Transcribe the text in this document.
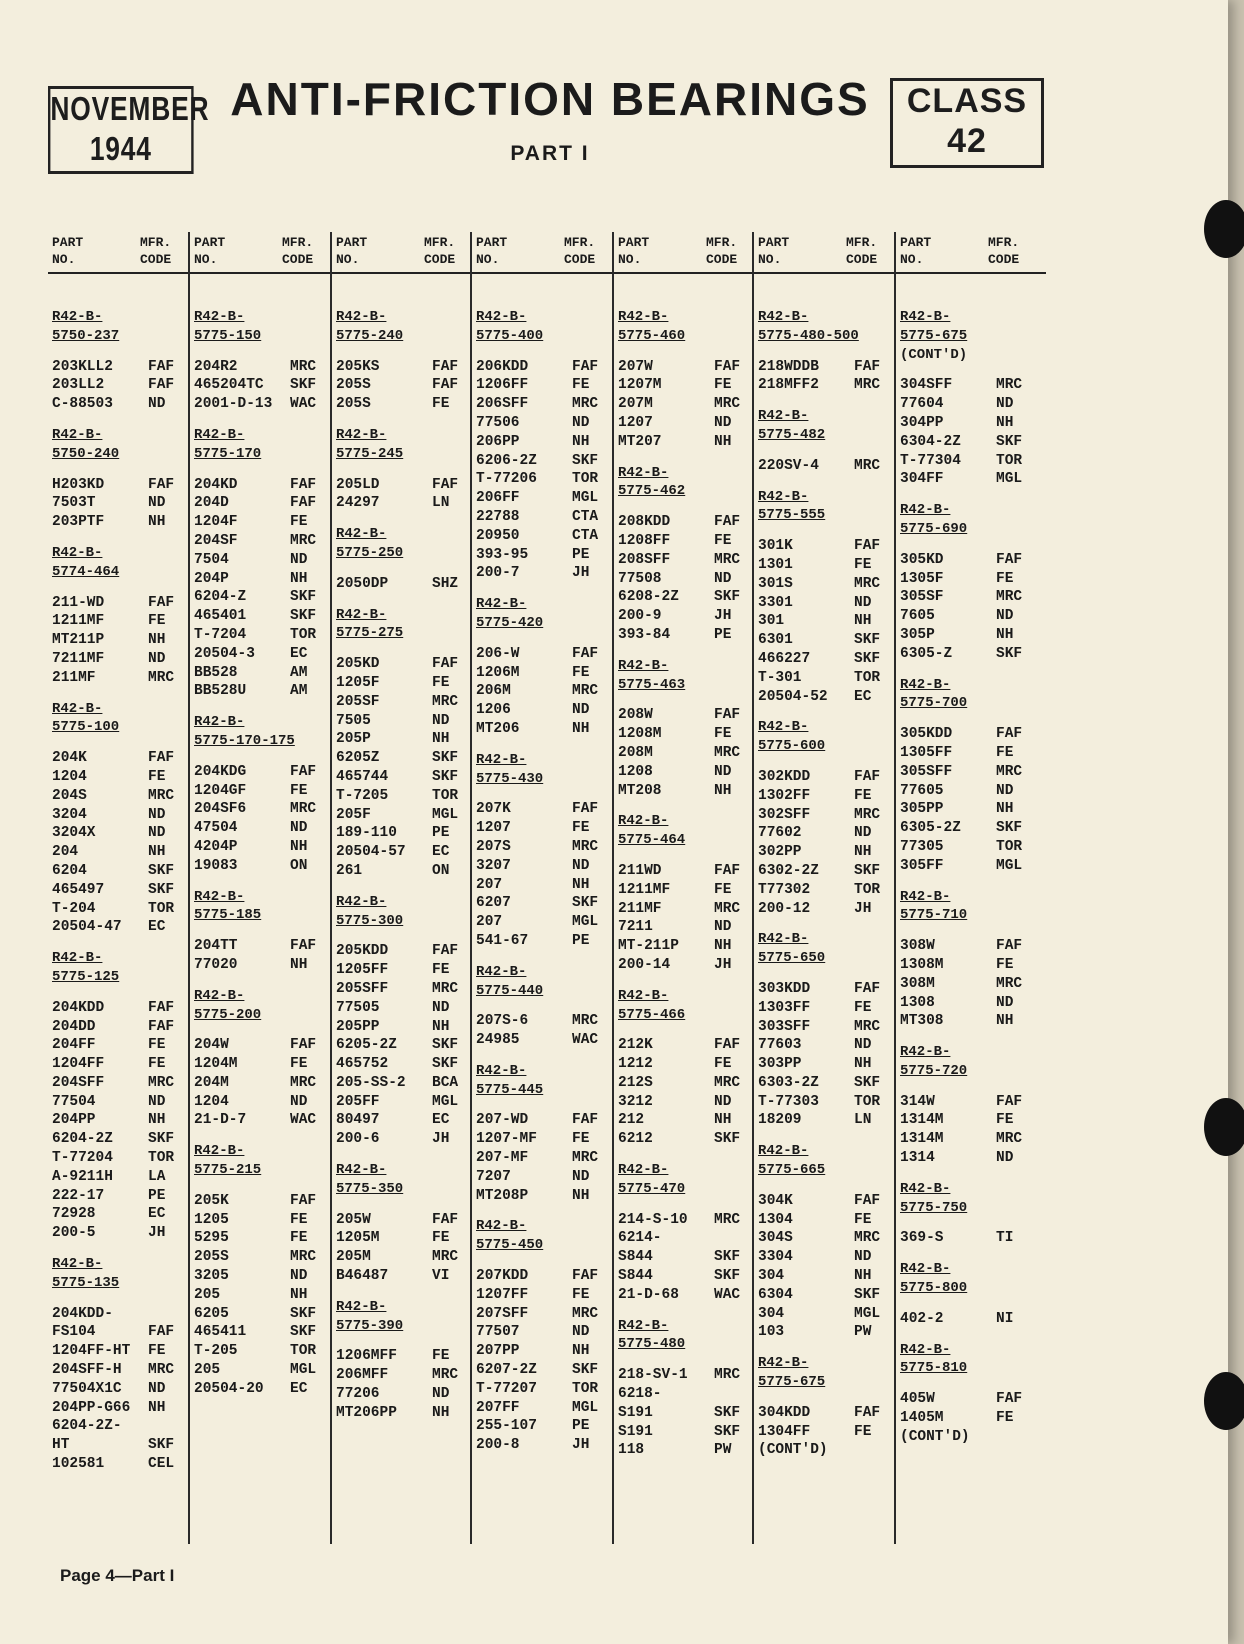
NOVEMBER
1944
ANTI-FRICTION BEARINGS
PART I
CLASS
42
PART
NO.
MFR.
CODE
R42-B-
5750-237
203KLL2	FAF
203LL2	FAF
C-88503	ND
R42-B-
5750-240
H203KD	FAF
7503T	ND
203PTF	NH
R42-B-
5774-464
211-WD	FAF
1211MF	FE
MT211P	NH
7211MF	ND
211MF	MRC
R42-B-
5775-100
204K	FAF
1204	FE
204S	MRC
3204	ND
3204X	ND
204	NH
6204	SKF
465497	SKF
T-204	TOR
20504-47	EC
R42-B-
5775-125
204KDD	FAF
204DD	FAF
204FF	FE
1204FF	FE
204SFF	MRC
77504	ND
204PP	NH
6204-2Z	SKF
T-77204	TOR
A-9211H	LA
222-17	PE
72928	EC
200-5	JH
R42-B-
5775-135
204KDD-
FS104	FAF
1204FF-HT	FE
204SFF-H	MRC
77504X1C	ND
204PP-G66	NH
6204-2Z-
HT	SKF
102581	CEL
PART
NO.
MFR.
CODE
R42-B-
5775-150
204R2	MRC
465204TC	SKF
2001-D-13	WAC
R42-B-
5775-170
204KD	FAF
204D	FAF
1204F	FE
204SF	MRC
7504	ND
204P	NH
6204-Z	SKF
465401	SKF
T-7204	TOR
20504-3	EC
BB528	AM
BB528U	AM
R42-B-
5775-170-175
204KDG	FAF
1204GF	FE
204SF6	MRC
47504	ND
4204P	NH
19083	ON
R42-B-
5775-185
204TT	FAF
77020	NH
R42-B-
5775-200
204W	FAF
1204M	FE
204M	MRC
1204	ND
21-D-7	WAC
R42-B-
5775-215
205K	FAF
1205	FE
5295	FE
205S	MRC
3205	ND
205	NH
6205	SKF
465411	SKF
T-205	TOR
205	MGL
20504-20	EC
PART
NO.
MFR.
CODE
R42-B-
5775-240
205KS	FAF
205S	FAF
205S	FE
R42-B-
5775-245
205LD	FAF
24297	LN
R42-B-
5775-250
2050DP	SHZ
R42-B-
5775-275
205KD	FAF
1205F	FE
205SF	MRC
7505	ND
205P	NH
6205Z	SKF
465744	SKF
T-7205	TOR
205F	MGL
189-110	PE
20504-57	EC
261	ON
R42-B-
5775-300
205KDD	FAF
1205FF	FE
205SFF	MRC
77505	ND
205PP	NH
6205-2Z	SKF
465752	SKF
205-SS-2	BCA
205FF	MGL
80497	EC
200-6	JH
R42-B-
5775-350
205W	FAF
1205M	FE
205M	MRC
B46487	VI
R42-B-
5775-390
1206MFF	FE
206MFF	MRC
77206	ND
MT206PP	NH
PART
NO.
MFR.
CODE
R42-B-
5775-400
206KDD	FAF
1206FF	FE
206SFF	MRC
77506	ND
206PP	NH
6206-2Z	SKF
T-77206	TOR
206FF	MGL
22788	CTA
20950	CTA
393-95	PE
200-7	JH
R42-B-
5775-420
206-W	FAF
1206M	FE
206M	MRC
1206	ND
MT206	NH
R42-B-
5775-430
207K	FAF
1207	FE
207S	MRC
3207	ND
207	NH
6207	SKF
207	MGL
541-67	PE
R42-B-
5775-440
207S-6	MRC
24985	WAC
R42-B-
5775-445
207-WD	FAF
1207-MF	FE
207-MF	MRC
7207	ND
MT208P	NH
R42-B-
5775-450
207KDD	FAF
1207FF	FE
207SFF	MRC
77507	ND
207PP	NH
6207-2Z	SKF
T-77207	TOR
207FF	MGL
255-107	PE
200-8	JH
PART
NO.
MFR.
CODE
R42-B-
5775-460
207W	FAF
1207M	FE
207M	MRC
1207	ND
MT207	NH
R42-B-
5775-462
208KDD	FAF
1208FF	FE
208SFF	MRC
77508	ND
6208-2Z	SKF
200-9	JH
393-84	PE
R42-B-
5775-463
208W	FAF
1208M	FE
208M	MRC
1208	ND
MT208	NH
R42-B-
5775-464
211WD	FAF
1211MF	FE
211MF	MRC
7211	ND
MT-211P	NH
200-14	JH
R42-B-
5775-466
212K	FAF
1212	FE
212S	MRC
3212	ND
212	NH
6212	SKF
R42-B-
5775-470
214-S-10	MRC
6214-
S844	SKF
S844	SKF
21-D-68	WAC
R42-B-
5775-480
218-SV-1	MRC
6218-
S191	SKF
S191	SKF
118	PW
PART
NO.
MFR.
CODE
R42-B-
5775-480-500
218WDDB	FAF
218MFF2	MRC
R42-B-
5775-482
220SV-4	MRC
R42-B-
5775-555
301K	FAF
1301	FE
301S	MRC
3301	ND
301	NH
6301	SKF
466227	SKF
T-301	TOR
20504-52	EC
R42-B-
5775-600
302KDD	FAF
1302FF	FE
302SFF	MRC
77602	ND
302PP	NH
6302-2Z	SKF
T77302	TOR
200-12	JH
R42-B-
5775-650
303KDD	FAF
1303FF	FE
303SFF	MRC
77603	ND
303PP	NH
6303-2Z	SKF
T-77303	TOR
18209	LN
R42-B-
5775-665
304K	FAF
1304	FE
304S	MRC
3304	ND
304	NH
6304	SKF
304	MGL
103	PW
R42-B-
5775-675
304KDD	FAF
1304FF	FE
(CONT'D)
PART
NO.
MFR.
CODE
R42-B-
5775-675
(CONT'D)
304SFF	MRC
77604	ND
304PP	NH
6304-2Z	SKF
T-77304	TOR
304FF	MGL
R42-B-
5775-690
305KD	FAF
1305F	FE
305SF	MRC
7605	ND
305P	NH
6305-Z	SKF
R42-B-
5775-700
305KDD	FAF
1305FF	FE
305SFF	MRC
77605	ND
305PP	NH
6305-2Z	SKF
77305	TOR
305FF	MGL
R42-B-
5775-710
308W	FAF
1308M	FE
308M	MRC
1308	ND
MT308	NH
R42-B-
5775-720
314W	FAF
1314M	FE
1314M	MRC
1314	ND
R42-B-
5775-750
369-S	TI
R42-B-
5775-800
402-2	NI
R42-B-
5775-810
405W	FAF
1405M	FE
(CONT'D)
Page 4—Part I
